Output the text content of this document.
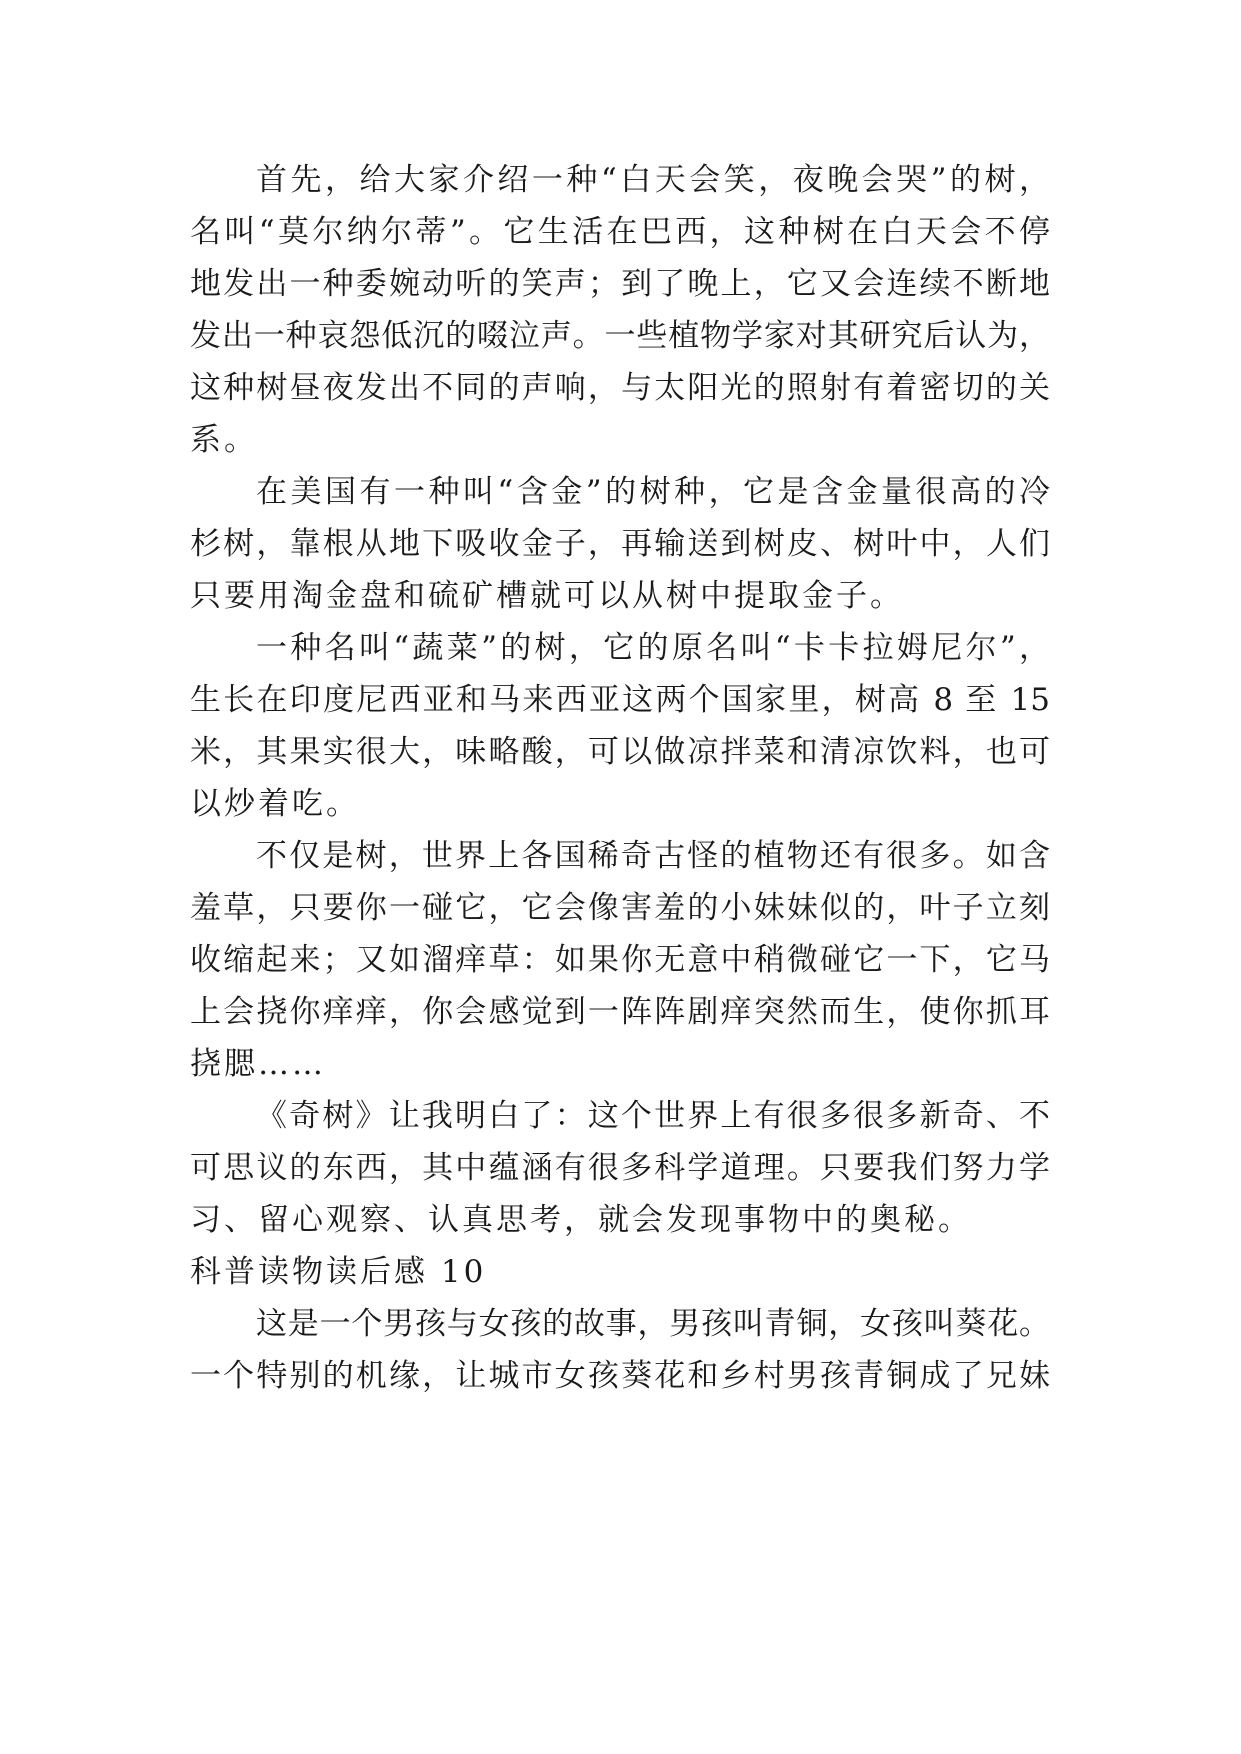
首先，给大家介绍一种“白天会笑，夜晚会哭”的树，
名叫“莫尔纳尔蒂”。它生活在巴西，这种树在白天会不停
地发出一种委婉动听的笑声；到了晚上，它又会连续不断地
发出一种哀怨低沉的啜泣声。一些植物学家对其研究后认为，
这种树昼夜发出不同的声响，与太阳光的照射有着密切的关
系。
在美国有一种叫“含金”的树种，它是含金量很高的冷
杉树，靠根从地下吸收金子，再输送到树皮、树叶中，人们
只要用淘金盘和硫矿槽就可以从树中提取金子。
一种名叫“蔬菜”的树，它的原名叫“卡卡拉姆尼尔”，
生长在印度尼西亚和马来西亚这两个国家里，树高 8 至 15
米，其果实很大，味略酸，可以做凉拌菜和清凉饮料，也可
以炒着吃。
不仅是树，世界上各国稀奇古怪的植物还有很多。如含
羞草，只要你一碰它，它会像害羞的小妹妹似的，叶子立刻
收缩起来；又如溜痒草：如果你无意中稍微碰它一下，它马
上会挠你痒痒，你会感觉到一阵阵剧痒突然而生，使你抓耳
挠腮……
《奇树》让我明白了：这个世界上有很多很多新奇、不
可思议的东西，其中蕴涵有很多科学道理。只要我们努力学
习、留心观察、认真思考，就会发现事物中的奥秘。
科普读物读后感 10
这是一个男孩与女孩的故事，男孩叫青铜，女孩叫葵花。
一个特别的机缘，让城市女孩葵花和乡村男孩青铜成了兄妹
